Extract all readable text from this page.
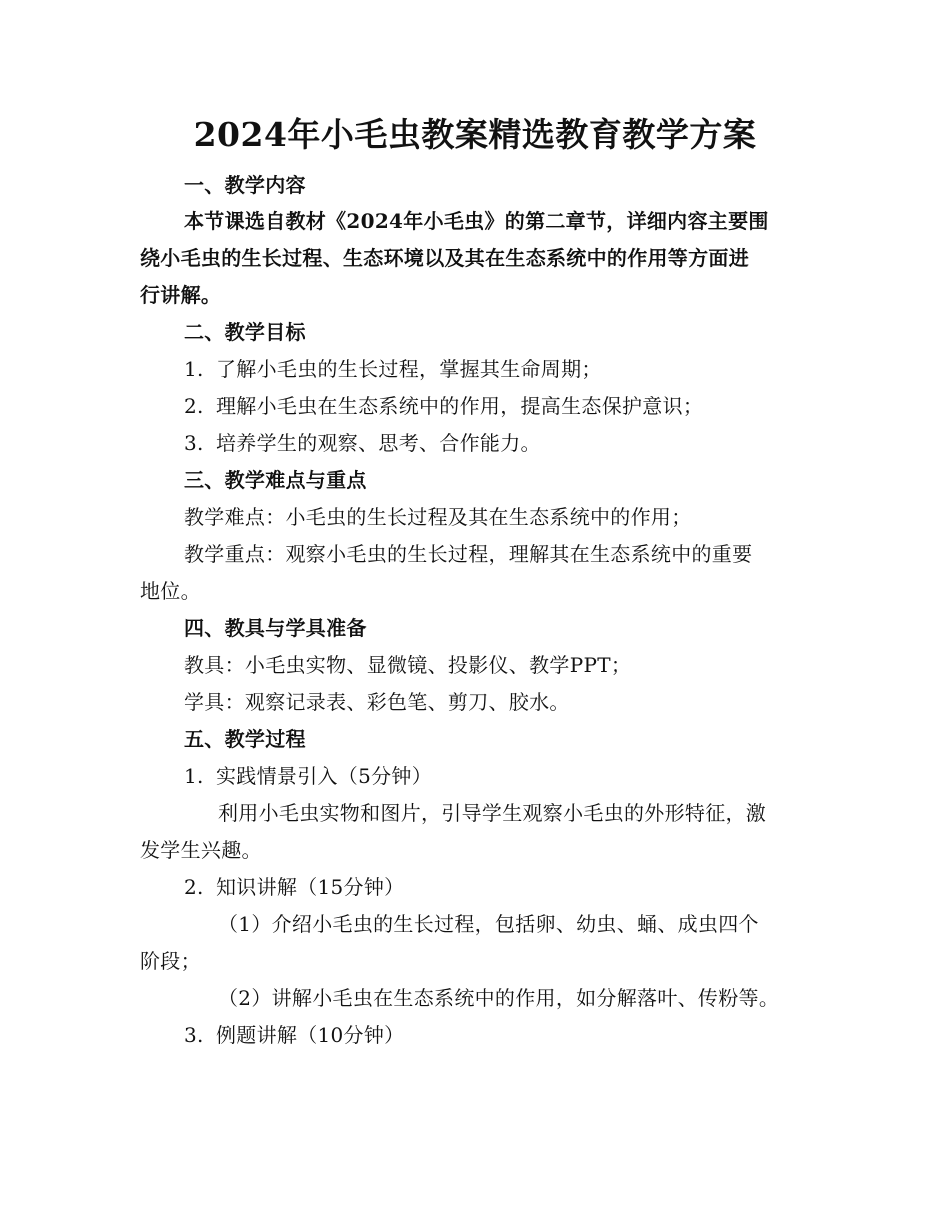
2024年小毛虫教案精选教育教学方案
一、教学内容
本节课选自教材《2024年小毛虫》的第二章节，详细内容主要围
绕小毛虫的生长过程、生态环境以及其在生态系统中的作用等方面进
行讲解。
二、教学目标
1. 了解小毛虫的生长过程，掌握其生命周期；
2. 理解小毛虫在生态系统中的作用，提高生态保护意识；
3. 培养学生的观察、思考、合作能力。
三、教学难点与重点
教学难点：小毛虫的生长过程及其在生态系统中的作用；
教学重点：观察小毛虫的生长过程，理解其在生态系统中的重要
地位。
四、教具与学具准备
教具：小毛虫实物、显微镜、投影仪、教学PPT；
学具：观察记录表、彩色笔、剪刀、胶水。
五、教学过程
1. 实践情景引入（5分钟）
利用小毛虫实物和图片，引导学生观察小毛虫的外形特征，激
发学生兴趣。
2. 知识讲解（15分钟）
（1）介绍小毛虫的生长过程，包括卵、幼虫、蛹、成虫四个
阶段；
（2）讲解小毛虫在生态系统中的作用，如分解落叶、传粉等。
3. 例题讲解（10分钟）
